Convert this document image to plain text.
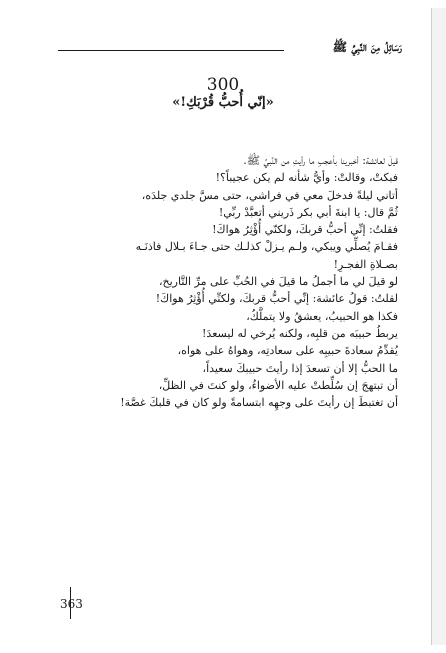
رَسَائِلُ مِنَ النَّبِيِّ ﷺ
300
«إنّي أُحبُّ قُرْبَكِ!»

قيلَ لعائشة: أخبرينا بأعجبِ ما رأيتِ من النَّبيِّ ﷺ.

فبكتْ، وقالتْ: وأيُّ شأنه لم يكن عجيباً؟!

أتاني ليلةً فدخلَ معي في فراشي، حتى مسَّ جلدي جلدَه،

ثُمَّ قال: يا ابنةَ أبي بكر ذَريني أتعبَّدْ ربِّي!

فقلتُ: إنِّي أحبُّ قربكَ، ولكنّي أُؤْثِرُ هواكَ!

فقـامَ يُصلِّي ويبكي، ولـم يـزلْ كذلـك حتى جـاءَ بـلال فاذنَـه

بصـلاةِ الفجـرِ!

لو قيلَ لي ما أجملُ ما قيلَ في الحُبِّ على مرِّ التَّاريخ،

لقلتُ: قولُ عائشة: إنِّي أحبُّ قربكَ، ولكنِّي أُؤْثِرُ هواكَ!

فكذا هو الحبيبُ، يعشقُ ولا يتملَّكُ،

يربطُ حبيبَه من قلبِه، ولكنه يُرخي له ليسعدَ!

يُقدِّمُ سعادةَ حبيبِه على سعادتِه، وهواهُ على هواه،

ما الحبُّ إلا أن تسعدَ إذا رأيتَ حبيبكَ سعيداً،

أن تبتهجَ إن سُلِّطتْ عليه الأضواءُ، ولو كنتَ في الظلِّ،

أن تغتبطَ إن رأيتَ على وجهِه ابتسامةً ولو كان في قلبكَ غصَّة!

363
